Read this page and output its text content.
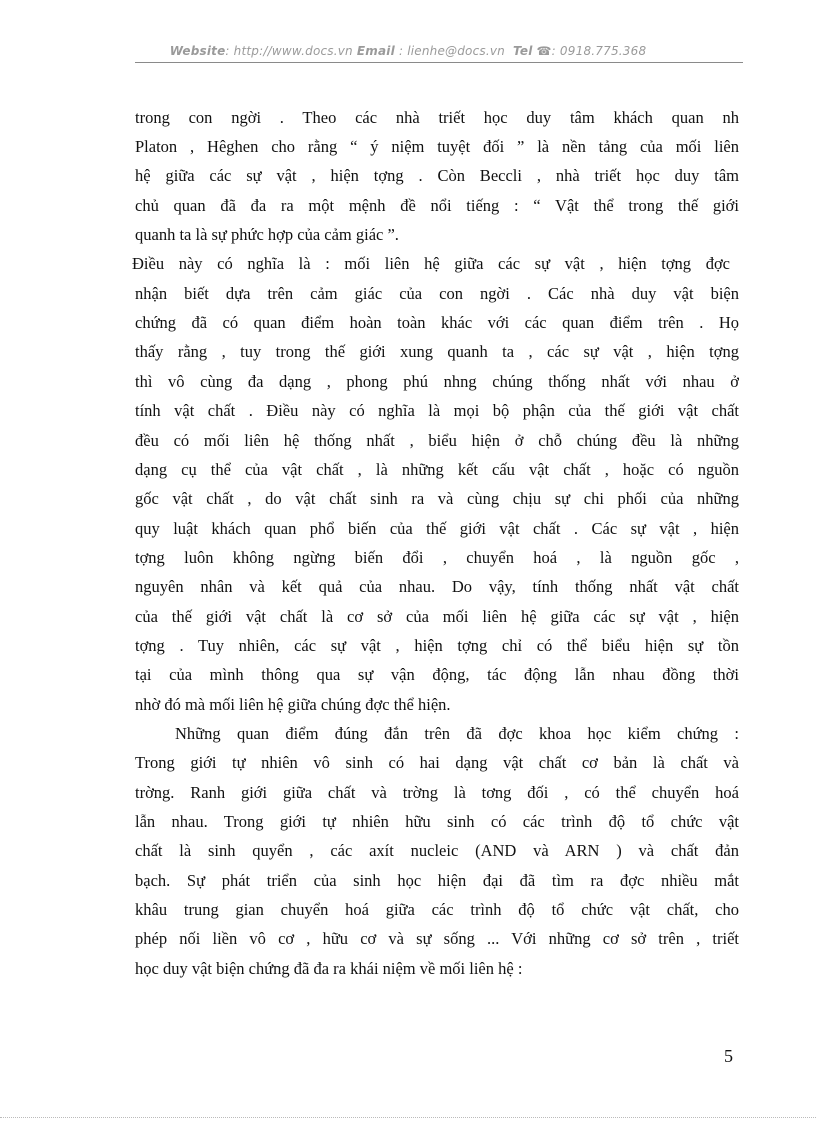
Website: http://www.docs.vn Email : lienhe@docs.vn Tel ☎: 0918.775.368
trong con ngời . Theo các nhà triết học duy tâm khách quan nh
Platon , Hêghen cho rằng “ ý niệm tuyệt đối ” là nền tảng của mối liên
hệ giữa các sự vật , hiện tợng . Còn Beccli , nhà triết học duy tâm
chủ quan đã đa ra một mệnh đề nổi tiếng : “ Vật thể trong thế giới
quanh ta là sự phức hợp của cảm giác ”.
Điều này có nghĩa là : mối liên hệ giữa các sự vật , hiện tợng đợc
nhận biết dựa trên cảm giác của con ngời . Các nhà duy vật biện
chứng đã có quan điểm hoàn toàn khác với các quan điểm trên . Họ
thấy rằng , tuy trong thế giới xung quanh ta , các sự vật , hiện tợng
thì vô cùng đa dạng , phong phú nhng chúng thống nhất với nhau ở
tính vật chất . Điều này có nghĩa là mọi bộ phận của thế giới vật chất
đều có mối liên hệ thống nhất , biểu hiện ở chỗ chúng đều là những
dạng cụ thể của vật chất , là những kết cấu vật chất , hoặc có nguồn
gốc vật chất , do vật chất sinh ra và cùng chịu sự chi phối của những
quy luật khách quan phổ biến của thế giới vật chất . Các sự vật , hiện
tợng luôn không ngừng biến đổi , chuyển hoá , là nguồn gốc ,
nguyên nhân và kết quả của nhau. Do vậy, tính thống nhất vật chất
của thế giới vật chất là cơ sở của mối liên hệ giữa các sự vật , hiện
tợng . Tuy nhiên, các sự vật , hiện tợng chỉ có thể biểu hiện sự tồn
tại của mình thông qua sự vận động, tác động lẫn nhau đồng thời
nhờ đó mà mối liên hệ giữa chúng đợc thể hiện.
Những quan điểm đúng đắn trên đã đợc khoa học kiểm chứng :
Trong giới tự nhiên vô sinh có hai dạng vật chất cơ bản là chất và
trờng. Ranh giới giữa chất và trờng là tơng đối , có thể chuyển hoá
lẫn nhau. Trong giới tự nhiên hữu sinh có các trình độ tổ chức vật
chất là sinh quyển , các axít nucleic (AND và ARN ) và chất đản
bạch. Sự phát triển của sinh học hiện đại đã tìm ra đợc nhiều mắt
khâu trung gian chuyển hoá giữa các trình độ tổ chức vật chất, cho
phép nối liền vô cơ , hữu cơ và sự sống ... Với những cơ sở trên , triết
học duy vật biện chứng đã đa ra khái niệm về mối liên hệ :
5
